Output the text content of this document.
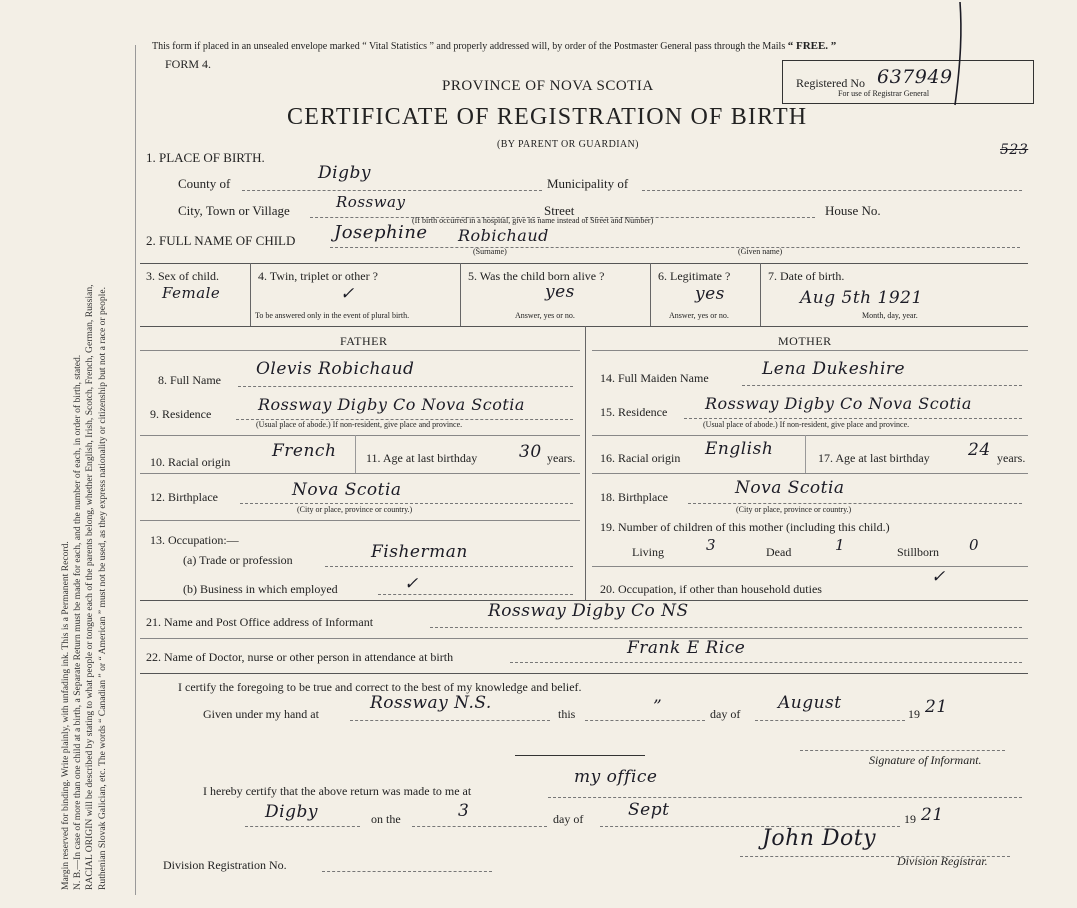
Margin reserved for binding. Write plainly, with unfading ink. This is a Permanent Record. N. B.—In case of more than one child at a birth, a Separate Return must be made for each, and the number of each, in order of birth, stated. RACIAL ORIGIN will be described by stating to what people or tongue each of the parents belong, whether English, Irish, Scotch, French, German, Russian, Ruthenian Slovak Galician, etc. The words “ Canadian ” or “ American ” must not be used, as they express nationality or citizenship but not a race or people.
This form if placed in an unsealed envelope marked “ Vital Statistics ” and properly addressed will, by order of the Postmaster General pass through the Mails “ FREE. ”
FORM 4.
PROVINCE OF NOVA SCOTIA
CERTIFICATE OF REGISTRATION OF BIRTH
(BY PARENT OR GUARDIAN)
Registered No 637949
For use of Registrar General
523
1. PLACE OF BIRTH.
County of
Digby
Municipality of
City, Town or Village	Rossway	Street	House No.
(If birth occurred in a hospital, give its name instead of Street and Number)
2. FULL NAME OF CHILD Josephine Robichaud
(Surname)	(Given name)
3. Sex of child.
Female
4. Twin, triplet or other ?
✓
To be answered only in the event of plural birth.
5. Was the child born alive ?
yes
Answer, yes or no.
6. Legitimate ?
yes
Answer, yes or no.
7. Date of birth.
Aug 5th 1921
Month, day, year.
FATHER	MOTHER
8. Full Name
Olevis Robichaud
9. Residence	Rossway Digby Co Nova Scotia
(Usual place of abode.) If non-resident, give place and province.
10. Racial origin
French 11. Age at last birthday 30 years.
12. Birthplace	Nova Scotia
(City or place, province or country.)
13. Occupation:—
(a) Trade or profession	Fisherman
(b) Business in which employed	✓
14. Full Maiden Name	Lena Dukeshire
15. Residence Rossway Digby Co Nova Scotia
(Usual place of abode.) If non-resident, give place and province.
16. Racial origin English	17. Age at last birthday 24 years.
18. Birthplace	Nova Scotia
(City or place, province or country.)
19. Number of children of this mother (including this child.)
Living	3	Dead	1	Stillborn 0
20. Occupation, if other than household duties
✓
21. Name and Post Office address of Informant
Rossway Digby Co NS
22. Name of Doctor, nurse or other person in attendance at birth	Frank E Rice
I certify the foregoing to be true and correct to the best of my knowledge and belief.
Given under my hand at
Rossway N.S.
this	”	day of
August
19 21
Signature of Informant.
I hereby certify that the above return was made to me at
my office
Digby	on the	3	day of	Sept	19 21
Division Registration No.
John Doty
Division Registrar.
